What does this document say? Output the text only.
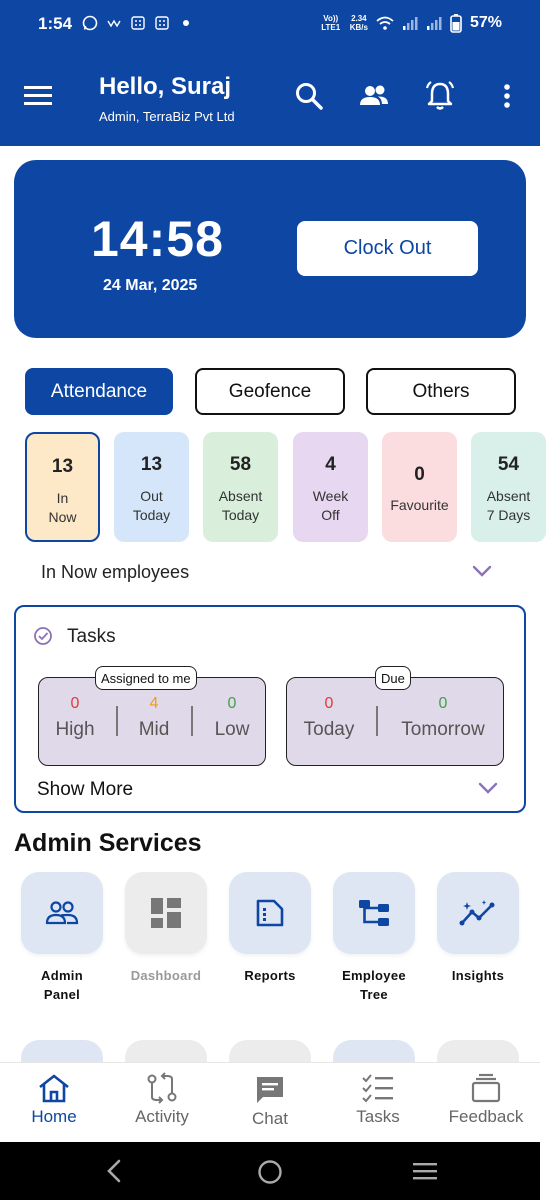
1:54	Vo)) LTE1
2.34
KB/s	57%
Hello, Suraj
Admin, TerraBiz Pvt Ltd
14:58
24 Mar, 2025
Clock Out
Attendance	Geofence	Others
13
In
Now
13
Out
Today
58
Absent
Today
4
Week
Off
0
Favourite
54
Absent
7 Days
In Now employees
Tasks
Assigned to me
0
High
4
Mid
0
Low
Due
0
Today
0
Tomorrow
Show More
Admin Services
Admin
Panel
Dashboard	Reports	Employee
Tree
Insights
Home	Activity	Chat	Tasks	Feedback
